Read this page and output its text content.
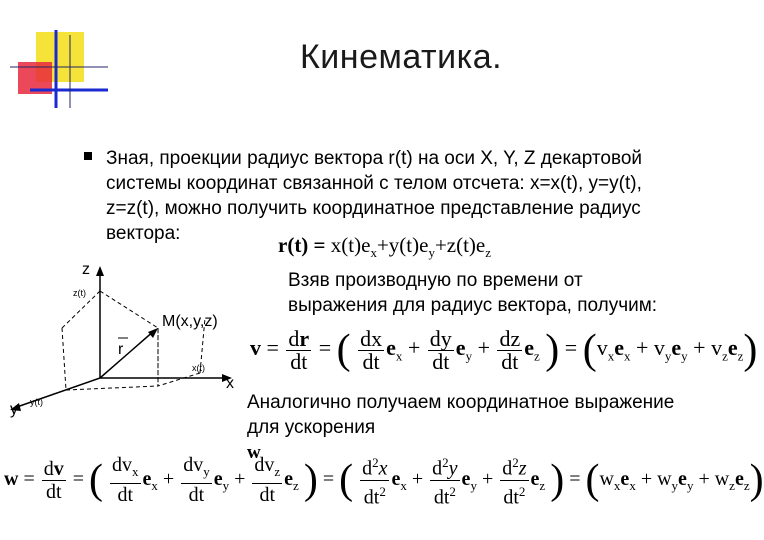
Кинематика.
Зная, проекции радиус вектора r(t) на оси X, Y, Z декартовой
системы координат связанной с телом отсчета: x=x(t), y=y(t),
z=z(t), можно получить координатное представление радиус
вектора:	$r(t) = x(t)e_x+y(t)e_y+z(t)e_z$
z
z(t)
M(x,y,z)
r
x(t)
x
y(t)
y
Взяв производную по времени от
выражения для радиус вектора, получим:
$v = \frac{dr}{dt}$ = ( $\frac{dx}{dt} e_x + \frac{dy}{dt} e_y + \frac{dz}{dt} e_z$ ) = $(v_xe_x + v_ye_y + v_ze_z)$
Аналогично получаем координатное выражение
для ускорения
w
$w = \frac{dv}{dt}$ = ( $\frac{dv_x}{dt} e_x + \frac{dv_y}{dt} e_y + \frac{dv_z}{dt} e_z$ ) = ( $\frac{d^2x}{dt^2} e_x + \frac{d^2y}{dt^2} e_y + \frac{d^2z}{dt^2} e_z$ ) = $(w_xe_x + w_ye_y + w_ze_z)$
